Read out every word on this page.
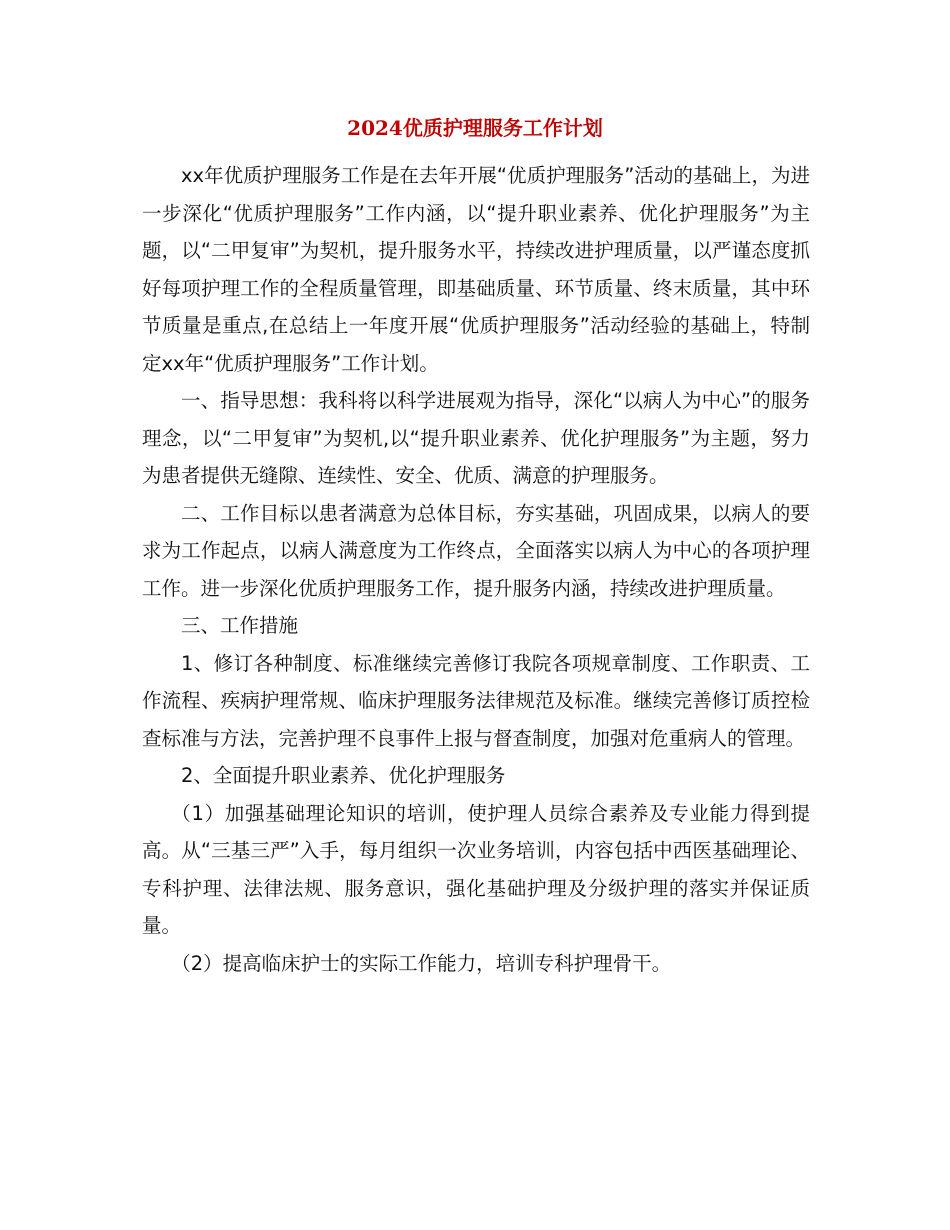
2024优质护理服务工作计划

xx年优质护理服务工作是在去年开展“优质护理服务”活动的基础上，为进一步深化“优质护理服务”工作内涵，以“提升职业素养、优化护理服务”为主题，以“二甲复审”为契机，提升服务水平，持续改进护理质量，以严谨态度抓好每项护理工作的全程质量管理，即基础质量、环节质量、终末质量，其中环节质量是重点,在总结上一年度开展“优质护理服务”活动经验的基础上，特制定xx年“优质护理服务”工作计划。

一、指导思想：我科将以科学进展观为指导，深化“以病人为中心”的服务理念，以“二甲复审”为契机,以“提升职业素养、优化护理服务”为主题，努力为患者提供无缝隙、连续性、安全、优质、满意的护理服务。

二、工作目标以患者满意为总体目标，夯实基础，巩固成果，以病人的要求为工作起点，以病人满意度为工作终点，全面落实以病人为中心的各项护理工作。进一步深化优质护理服务工作，提升服务内涵，持续改进护理质量。

三、工作措施

1、修订各种制度、标准继续完善修订我院各项规章制度、工作职责、工作流程、疾病护理常规、临床护理服务法律规范及标准。继续完善修订质控检查标准与方法，完善护理不良事件上报与督查制度，加强对危重病人的管理。

2、全面提升职业素养、优化护理服务

（1）加强基础理论知识的培训，使护理人员综合素养及专业能力得到提高。从“三基三严”入手，每月组织一次业务培训，内容包括中西医基础理论、专科护理、法律法规、服务意识，强化基础护理及分级护理的落实并保证质量。

（2）提高临床护士的实际工作能力，培训专科护理骨干。
